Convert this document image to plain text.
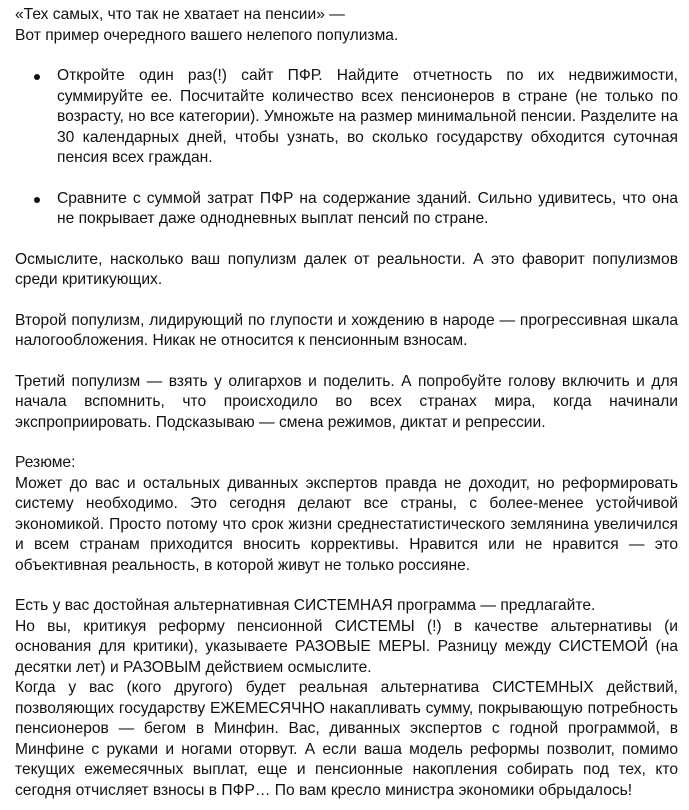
«Тех самых, что так не хватает на пенсии» —

Вот пример очередного вашего нелепого популизма.

Откройте один раз(!) сайт ПФР. Найдите отчетность по их недвижимости, суммируйте ее. Посчитайте количество всех пенсионеров в стране (не только по возрасту, но все категории). Умножьте на размер минимальной пенсии. Разделите на 30 календарных дней, чтобы узнать, во сколько государству обходится суточная пенсия всех граждан.

Сравните с суммой затрат ПФР на содержание зданий. Сильно удивитесь, что она не покрывает даже однодневных выплат пенсий по стране.

Осмыслите, насколько ваш популизм далек от реальности. А это фаворит популизмов среди критикующих.

Второй популизм, лидирующий по глупости и хождению в народе — прогрессивная шкала налогообложения. Никак не относится к пенсионным взносам.

Третий популизм — взять у олигархов и поделить. А попробуйте голову включить и для начала вспомнить, что происходило во всех странах мира, когда начинали экспроприировать. Подсказываю — смена режимов, диктат и репрессии.

Резюме:

Может до вас и остальных диванных экспертов правда не доходит, но реформировать систему необходимо. Это сегодня делают все страны, с более-менее устойчивой экономикой. Просто потому что срок жизни среднестатистического землянина увеличился и всем странам приходится вносить коррективы. Нравится или не нравится — это объективная реальность, в которой живут не только россияне.

Есть у вас достойная альтернативная СИСТЕМНАЯ программа — предлагайте.

Но вы, критикуя реформу пенсионной СИСТЕМЫ (!) в качестве альтернативы (и основания для критики), указываете РАЗОВЫЕ МЕРЫ. Разницу между СИСТЕМОЙ (на десятки лет) и РАЗОВЫМ действием осмыслите.

Когда у вас (кого другого) будет реальная альтернатива СИСТЕМНЫХ действий, позволяющих государству ЕЖЕМЕСЯЧНО накапливать сумму, покрывающую потребность пенсионеров — бегом в Минфин. Вас, диванных экспертов с годной программой, в Минфине с руками и ногами оторвут. А если ваша модель реформы позволит, помимо текущих ежемесячных выплат, еще и пенсионные накопления собирать под тех, кто сегодня отчисляет взносы в ПФР… По вам кресло министра экономики обрыдалось!
